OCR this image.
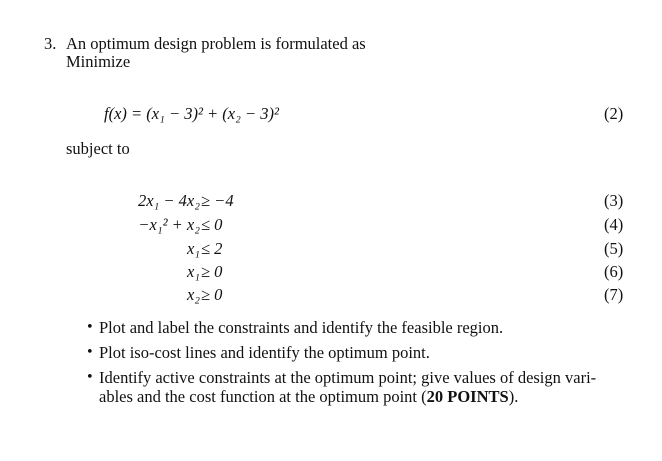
3. An optimum design problem is formulated as
Minimize
f(x) = (x₁ − 3)² + (x₂ − 3)²	(2)
subject to
2x₁ − 4x₂ ≥ −4	(3)
−x₁² + x₂ ≤ 0	(4)
x₁ ≤ 2	(5)
x₁ ≥ 0	(6)
x₂ ≥ 0	(7)
• Plot and label the constraints and identify the feasible region.
• Plot iso-cost lines and identify the optimum point.
• Identify active constraints at the optimum point; give values of design vari-
ables and the cost function at the optimum point (20 POINTS).
